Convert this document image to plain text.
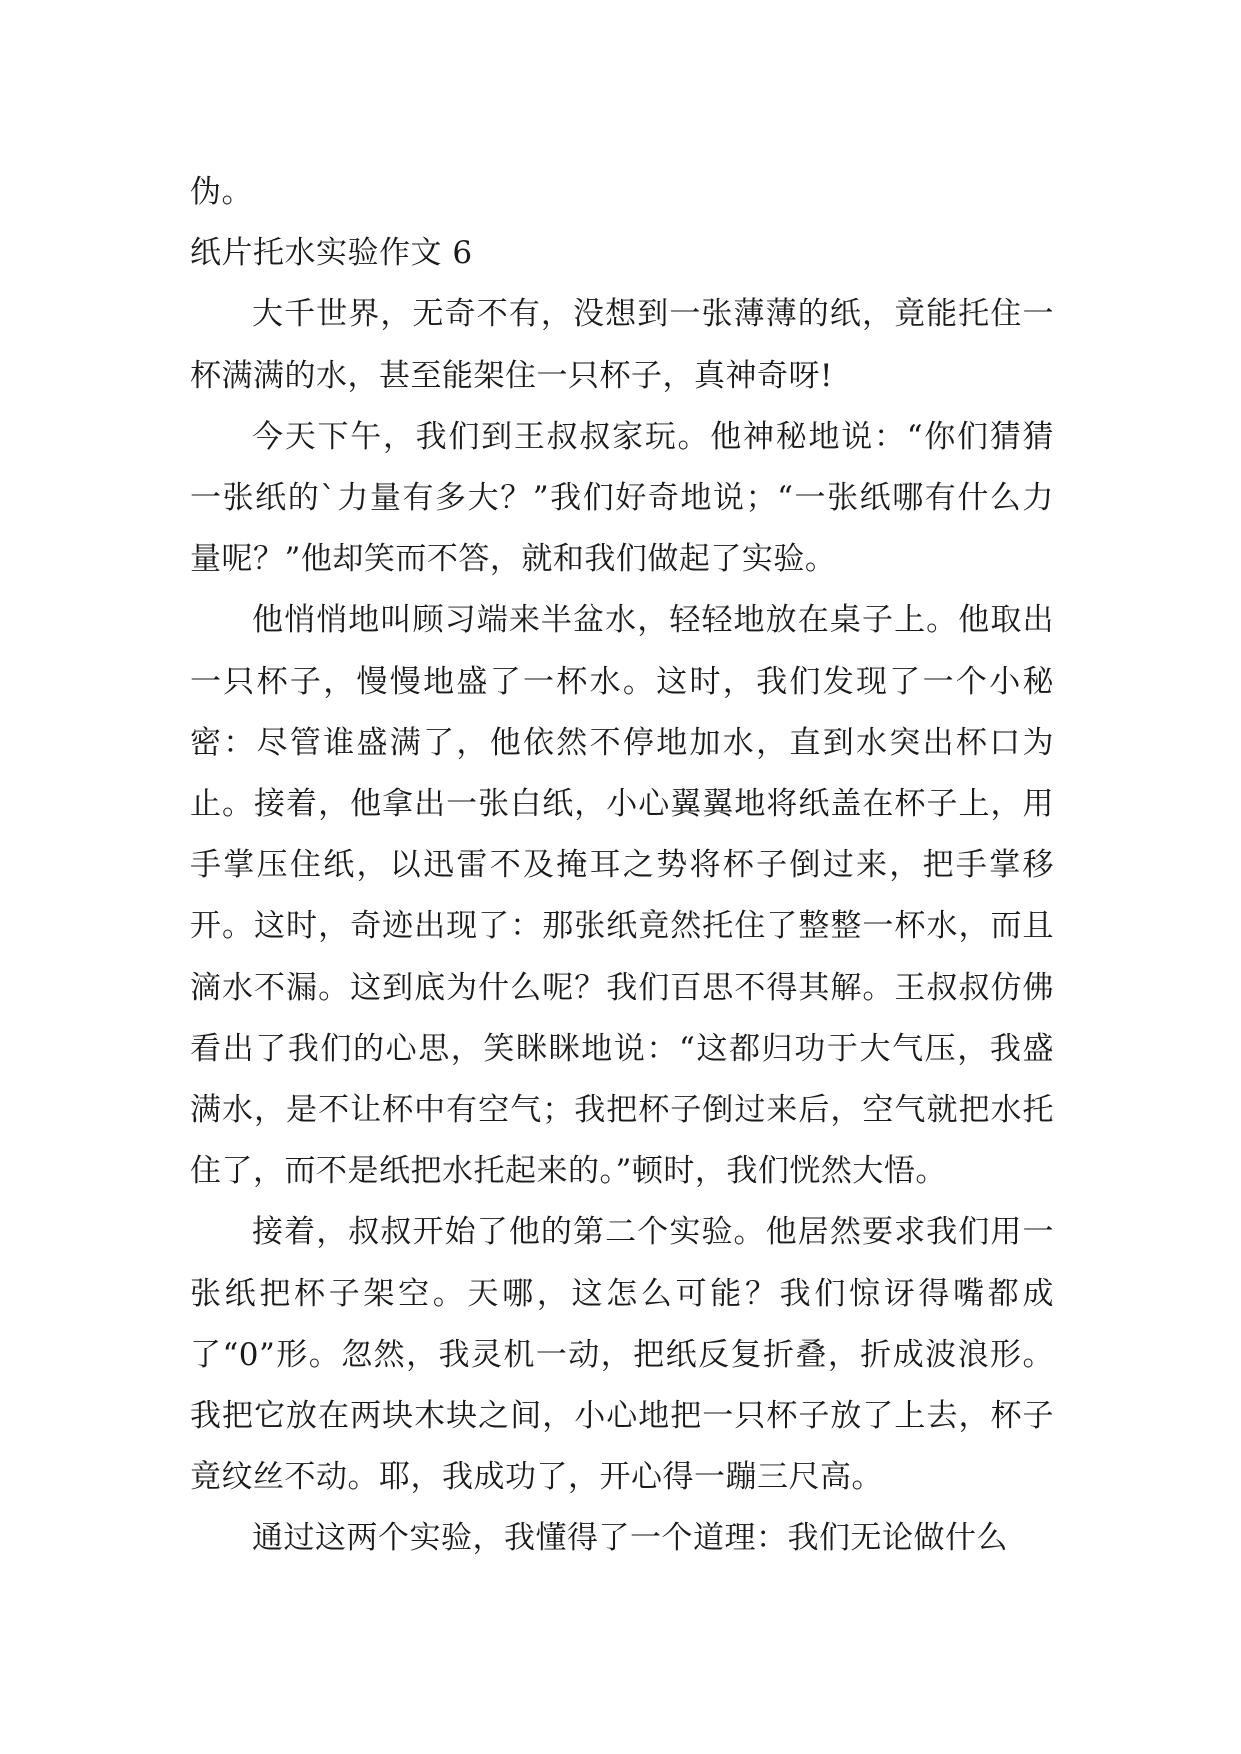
伪。

纸片托水实验作文 6

大千世界，无奇不有，没想到一张薄薄的纸，竟能托住一杯满满的水，甚至能架住一只杯子，真神奇呀!

今天下午，我们到王叔叔家玩。他神秘地说：“你们猜猜一张纸的`力量有多大？”我们好奇地说；“一张纸哪有什么力量呢？”他却笑而不答，就和我们做起了实验。

他悄悄地叫顾习端来半盆水，轻轻地放在桌子上。他取出一只杯子，慢慢地盛了一杯水。这时，我们发现了一个小秘密：尽管谁盛满了，他依然不停地加水，直到水突出杯口为止。接着，他拿出一张白纸，小心翼翼地将纸盖在杯子上，用手掌压住纸，以迅雷不及掩耳之势将杯子倒过来，把手掌移开。这时，奇迹出现了：那张纸竟然托住了整整一杯水，而且滴水不漏。这到底为什么呢？我们百思不得其解。王叔叔仿佛看出了我们的心思，笑眯眯地说：“这都归功于大气压，我盛满水，是不让杯中有空气；我把杯子倒过来后，空气就把水托住了，而不是纸把水托起来的。”顿时，我们恍然大悟。

接着，叔叔开始了他的第二个实验。他居然要求我们用一张纸把杯子架空。天哪，这怎么可能？我们惊讶得嘴都成了“0”形。忽然，我灵机一动，把纸反复折叠，折成波浪形。我把它放在两块木块之间，小心地把一只杯子放了上去，杯子竟纹丝不动。耶，我成功了，开心得一蹦三尺高。

通过这两个实验，我懂得了一个道理：我们无论做什么
